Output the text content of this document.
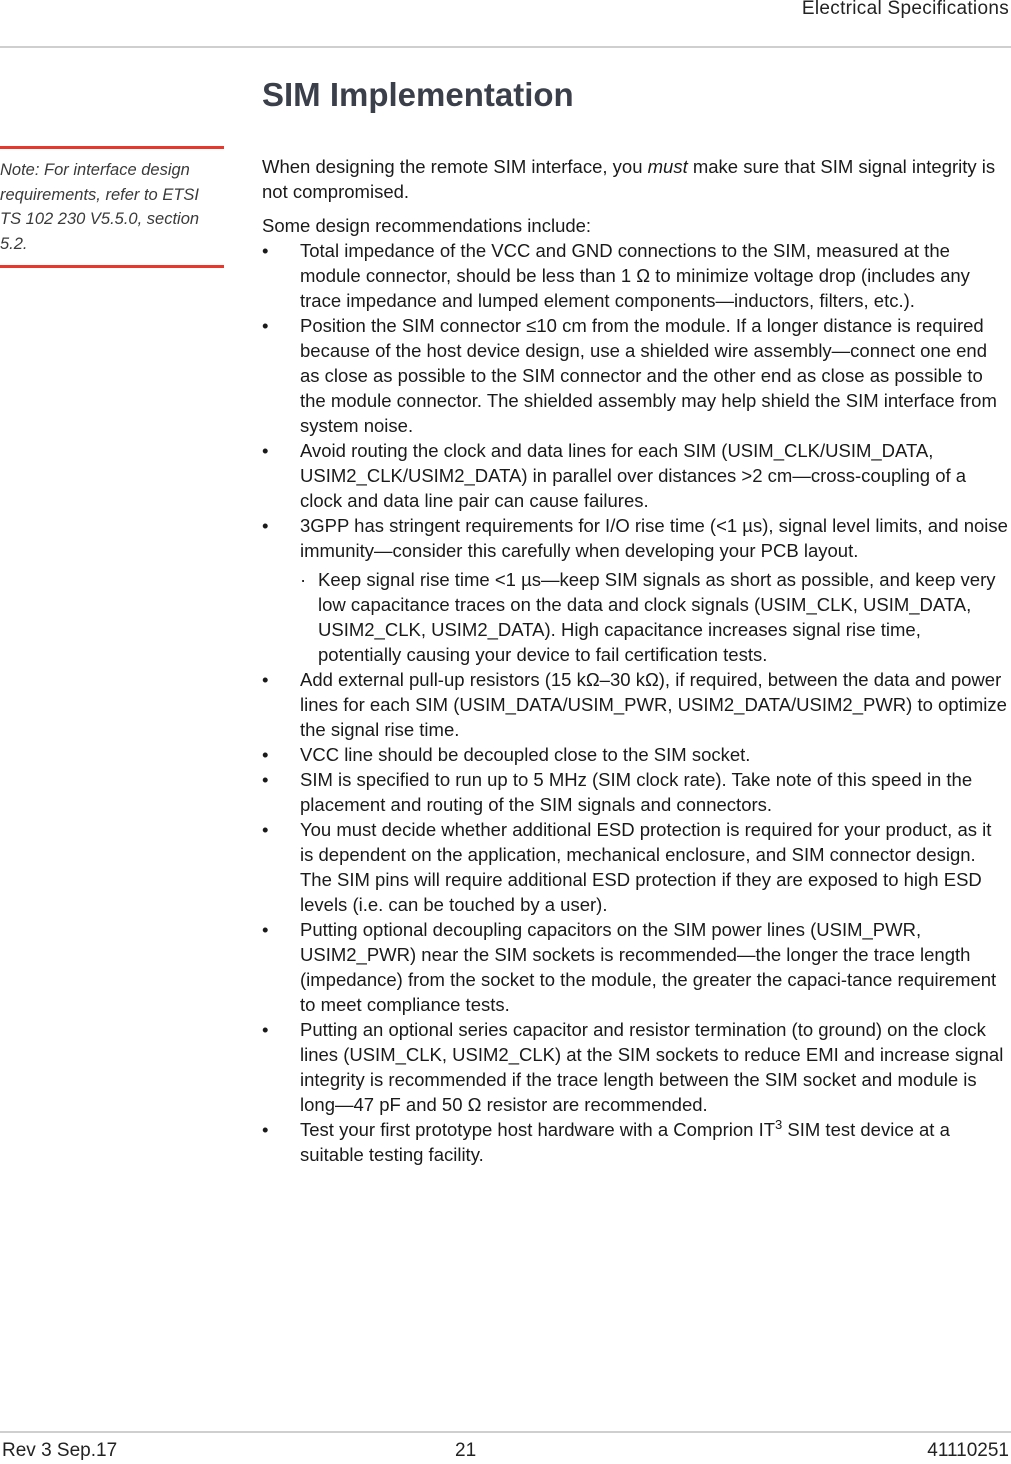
Electrical Specifications
SIM Implementation

Note: For interface design requirements, refer to ETSI TS 102 230 V5.5.0, section 5.2.

When designing the remote SIM interface, you must make sure that SIM signal integrity is not compromised.

Some design recommendations include:

• Total impedance of the VCC and GND connections to the SIM, measured at the module connector, should be less than 1 Ω to minimize voltage drop (includes any trace impedance and lumped element components—inductors, filters, etc.).
• Position the SIM connector ≤10 cm from the module. If a longer distance is required because of the host device design, use a shielded wire assembly—connect one end as close as possible to the SIM connector and the other end as close as possible to the module connector. The shielded assembly may help shield the SIM interface from system noise.
• Avoid routing the clock and data lines for each SIM (USIM_CLK/USIM_DATA, USIM2_CLK/USIM2_DATA) in parallel over distances >2 cm—cross-coupling of a clock and data line pair can cause failures.
• 3GPP has stringent requirements for I/O rise time (<1 µs), signal level limits, and noise immunity—consider this carefully when developing your PCB layout.
· Keep signal rise time <1 µs—keep SIM signals as short as possible, and keep very low capacitance traces on the data and clock signals (USIM_CLK, USIM_DATA, USIM2_CLK, USIM2_DATA). High capacitance increases signal rise time, potentially causing your device to fail certification tests.
• Add external pull-up resistors (15 kΩ–30 kΩ), if required, between the data and power lines for each SIM (USIM_DATA/USIM_PWR, USIM2_DATA/USIM2_PWR) to optimize the signal rise time.
• VCC line should be decoupled close to the SIM socket.
• SIM is specified to run up to 5 MHz (SIM clock rate). Take note of this speed in the placement and routing of the SIM signals and connectors.
• You must decide whether additional ESD protection is required for your product, as it is dependent on the application, mechanical enclosure, and SIM connector design. The SIM pins will require additional ESD protection if they are exposed to high ESD levels (i.e. can be touched by a user).
• Putting optional decoupling capacitors on the SIM power lines (USIM_PWR, USIM2_PWR) near the SIM sockets is recommended—the longer the trace length (impedance) from the socket to the module, the greater the capaci-tance requirement to meet compliance tests.
• Putting an optional series capacitor and resistor termination (to ground) on the clock lines (USIM_CLK, USIM2_CLK) at the SIM sockets to reduce EMI and increase signal integrity is recommended if the trace length between the SIM socket and module is long—47 pF and 50 Ω resistor are recommended.
• Test your first prototype host hardware with a Comprion $IT^3$ SIM test device at a suitable testing facility.
Rev 3 Sep.17	21	41110251
